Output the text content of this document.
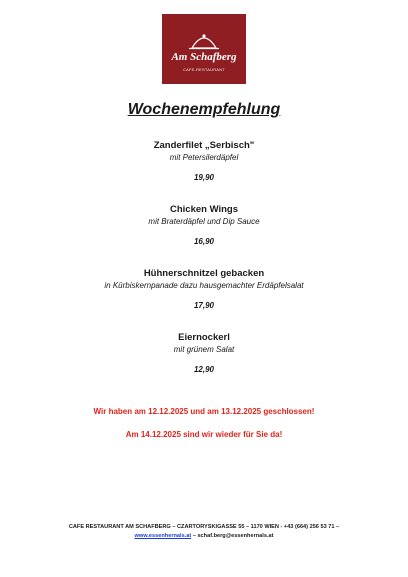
Am Schafberg
CAFE-RESTAURANT
Wochenempfehlung
Zanderfilet „Serbisch"
mit Petersilerdäpfel
19,90
Chicken Wings
mit Braterdäpfel und Dip Sauce
16,90
Hühnerschnitzel gebacken
in Kürbiskernpanade dazu hausgemachter Erdäpfelsalat
17,90
Eiernockerl
mit grünem Salat
12,90
Wir haben am 12.12.2025 und am 13.12.2025 geschlossen!
Am 14.12.2025 sind wir wieder für Sie da!
CAFE RESTAURANT AM SCHAFBERG – CZARTORYSKIGASSE 55 – 1170 WIEN - +43 (664) 256 53 71 –
www.essenhernals.at – schaf.berg@essenhernals.at
